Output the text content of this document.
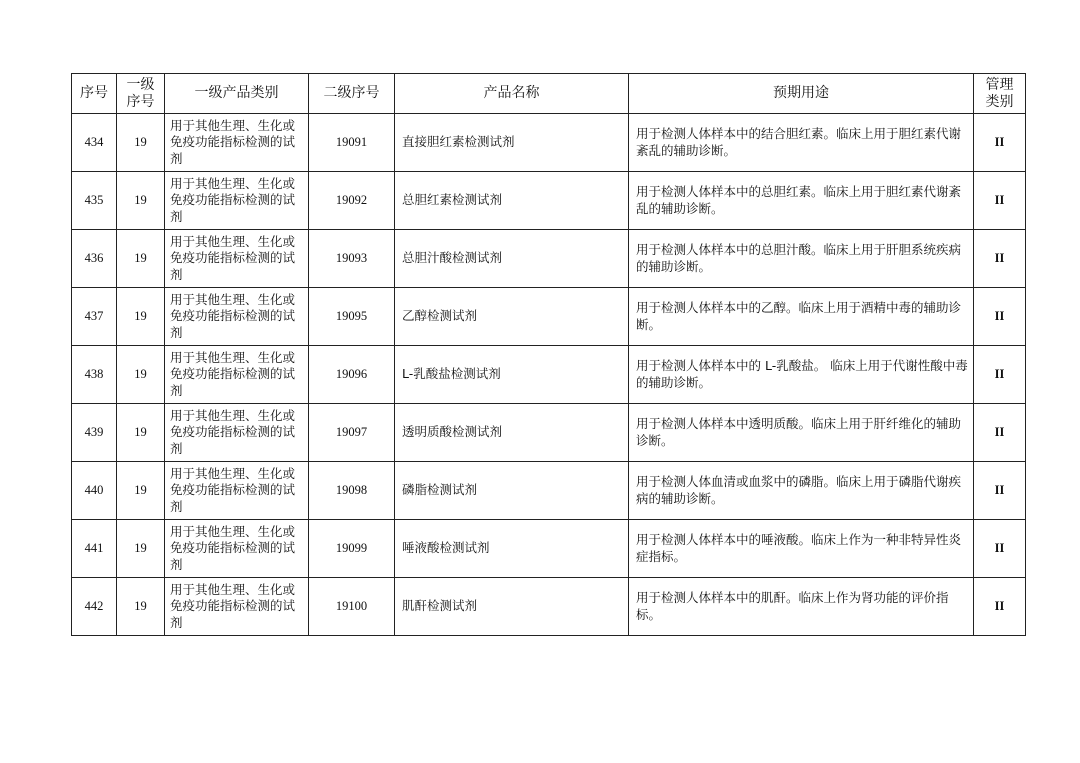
序号	一级序号	一级产品类别	二级序号	产品名称	预期用途	管理类别
434	19	用于其他生理、生化或免疫功能指标检测的试剂	19091	直接胆红素检测试剂	用于检测人体样本中的结合胆红素。临床上用于胆红素代谢紊乱的辅助诊断。	II
435	19	用于其他生理、生化或免疫功能指标检测的试剂	19092	总胆红素检测试剂	用于检测人体样本中的总胆红素。临床上用于胆红素代谢紊乱的辅助诊断。	II
436	19	用于其他生理、生化或免疫功能指标检测的试剂	19093	总胆汁酸检测试剂	用于检测人体样本中的总胆汁酸。临床上用于肝胆系统疾病的辅助诊断。	II
437	19	用于其他生理、生化或免疫功能指标检测的试剂	19095	乙醇检测试剂	用于检测人体样本中的乙醇。临床上用于酒精中毒的辅助诊断。	II
438	19	用于其他生理、生化或免疫功能指标检测的试剂	19096	L-乳酸盐检测试剂	用于检测人体样本中的 L-乳酸盐。 临床上用于代谢性酸中毒的辅助诊断。	II
439	19	用于其他生理、生化或免疫功能指标检测的试剂	19097	透明质酸检测试剂	用于检测人体样本中透明质酸。临床上用于肝纤维化的辅助诊断。	II
440	19	用于其他生理、生化或免疫功能指标检测的试剂	19098	磷脂检测试剂	用于检测人体血清或血浆中的磷脂。临床上用于磷脂代谢疾病的辅助诊断。	II
441	19	用于其他生理、生化或免疫功能指标检测的试剂	19099	唾液酸检测试剂	用于检测人体样本中的唾液酸。临床上作为一种非特异性炎症指标。	II
442	19	用于其他生理、生化或免疫功能指标检测的试剂	19100	肌酐检测试剂	用于检测人体样本中的肌酐。临床上作为肾功能的评价指标。	II
